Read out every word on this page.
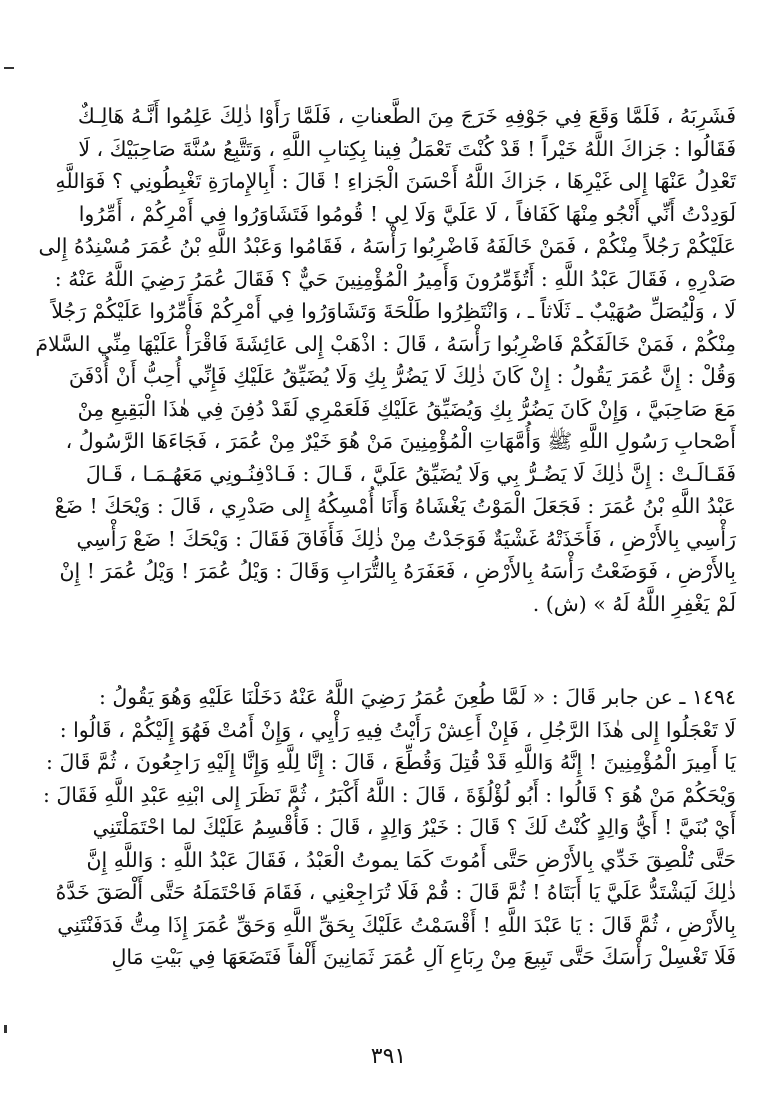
فَشَرِبَهُ ، فَلَمَّا وَقَعَ فِي جَوْفِهِ خَرَجَ مِنَ الطَّعناتِ ، فَلَمَّا رَأَوْا ذٰلِكَ عَلِمُوا أَنَّـهُ هَالِـكٌ
فَقَالُوا : جَزاكَ اللَّهُ خَيْراً ! قَدْ كُنْتَ تَعْمَلُ فِينا بِكِتابِ اللَّهِ ، وَتَتَّبِعُ سُنَّةَ صَاحِبَيْكَ ، لَا
تَعْدِلُ عَنْهَا إِلى غَيْرِهَا ، جَزاكَ اللَّهُ أَحْسَنَ الْجَزاءِ ! قَالَ : أَبِالإِمارَةِ تَغْبِطُونِي ؟ فَوَاللَّهِ
لَوَدِدْتُ أَنِّي أَنْجُو مِنْهَا كَفَافاً ، لَا عَلَيَّ وَلَا لِي ! قُومُوا فَتَشَاوَرُوا فِي أَمْرِكُمْ ، أَمِّرُوا
عَلَيْكُمْ رَجُلاً مِنْكُمْ ، فَمَنْ خَالَفَهُ فَاضْرِبُوا رَأْسَهُ ، فَقَامُوا وَعَبْدُ اللَّهِ بْنُ عُمَرَ مُسْنِدُهُ إِلى
صَدْرِهِ ، فَقَالَ عَبْدُ اللَّهِ : أَتُؤَمِّرُونَ وَأَمِيرُ الْمُؤْمِنِينَ حَيٌّ ؟ فَقَالَ عُمَرُ رَضِيَ اللَّهُ عَنْهُ :
لَا ، وَلْيُصَلِّ صُهَيْبٌ ـ ثَلَاثاً ـ ، وَانْتَظِرُوا طَلْحَةَ وَتَشَاوَرُوا فِي أَمْرِكُمْ فَأَمِّرُوا عَلَيْكُمْ رَجُلاً
مِنْكُمْ ، فَمَنْ خَالَفَكُمْ فَاضْرِبُوا رَأْسَهُ ، قَالَ : اذْهَبْ إِلى عَائِشَةَ فَاقْرَأْ عَلَيْهَا مِنِّي السَّلامَ
وَقُلْ : إِنَّ عُمَرَ يَقُولُ : إِنْ كَانَ ذٰلِكَ لَا يَضُرُّ بِكِ وَلَا يُضَيِّقُ عَلَيْكِ فَإِنِّي أُحِبُّ أَنْ أُدْفَنَ
مَعَ صَاحِبَيَّ ، وَإِنْ كَانَ يَضُرُّ بِكِ وَيُضَيِّقُ عَلَيْكِ فَلَعَمْرِي لَقَدْ دُفِنَ فِي هٰذَا الْبَقِيعِ مِنْ
أَصْحابِ رَسُولِ اللَّهِ ﷺ وَأُمَّهَاتِ الْمُؤْمِنِينَ مَنْ هُوَ خَيْرٌ مِنْ عُمَرَ ، فَجَاءَهَا الرَّسُولُ ،
فَقَـالَـتْ : إِنَّ ذٰلِكَ لَا يَضُـرُّ بِي وَلَا يُضَيِّقُ عَلَيَّ ، قَـالَ : فَـادْفِنُـونِي مَعَهُـمَـا ، قَـالَ
عَبْدُ اللَّهِ بْنُ عُمَرَ : فَجَعَلَ الْمَوْتُ يَغْشَاهُ وَأَنَا أُمْسِكُهُ إِلى صَدْرِي ، قَالَ : وَيْحَكَ ! ضَعْ
رَأْسِي بِالأَرْضِ ، فَأَخَذَتْهُ غَشْيَةٌ فَوَجَدْتُ مِنْ ذٰلِكَ فَأَفَاقَ فَقَالَ : وَيْحَكَ ! ضَعْ رَأْسِي
بِالأَرْضِ ، فَوَضَعْتُ رَأْسَهُ بِالأَرْضِ ، فَعَفَرَهُ بِالتُّرَابِ وَقَالَ : وَيْلُ عُمَرَ ! وَيْلُ عُمَرَ ! إِنْ
لَمْ يَغْفِرِ اللَّهُ لَهُ » (ش) .
١٤٩٤ ـ عن جابر قَالَ : « لَمَّا طُعِنَ عُمَرُ رَضِيَ اللَّهُ عَنْهُ دَخَلْنَا عَلَيْهِ وَهُوَ يَقُولُ :
لَا تَعْجَلُوا إِلى هٰذَا الرَّجُلِ ، فَإِنْ أَعِشْ رَأَيْتُ فِيهِ رَأْيِي ، وَإِنْ أَمُتْ فَهُوَ إِلَيْكُمْ ، قَالُوا :
يَا أَمِيرَ الْمُؤْمِنِينَ ! إِنَّهُ وَاللَّهِ قَدْ قُتِلَ وَقُطِّعَ ، قَالَ : إِنَّا لِلَّهِ وَإِنَّا إِلَيْهِ رَاجِعُونَ ، ثُمَّ قَالَ :
وَيْحَكُمْ مَنْ هُوَ ؟ قَالُوا : أَبُو لُؤْلُؤَةَ ، قَالَ : اللَّهُ أَكْبَرُ ، ثُمَّ نَظَرَ إِلى ابْنِهِ عَبْدِ اللَّهِ فَقَالَ :
أَيْ بُنَيَّ ! أَيُّ وَالِدٍ كُنْتُ لَكَ ؟ قَالَ : خَيْرُ وَالِدٍ ، قَالَ : فَأُقْسِمُ عَلَيْكَ لما احْتَمَلْتَنِي
حَتَّى تُلْصِقَ خَدِّي بِالأَرْضِ حَتَّى أَمُوتَ كَمَا يموتُ الْعَبْدُ ، فَقَالَ عَبْدُ اللَّهِ : وَاللَّهِ إِنَّ
ذٰلِكَ لَيَشْتَدُّ عَلَيَّ يَا أَبَتَاهُ ! ثُمَّ قَالَ : قُمْ فَلَا تُرَاجِعْنِي ، فَقَامَ فَاحْتَمَلَهُ حَتَّى أَلْصَقَ خَدَّهُ
بِالأَرْضِ ، ثُمَّ قَالَ : يَا عَبْدَ اللَّهِ ! أَقْسَمْتُ عَلَيْكَ بِحَقِّ اللَّهِ وَحَقِّ عُمَرَ إِذَا مِتُّ فَدَفَنْتَنِي
فَلَا تَغْسِلْ رَأْسَكَ حَتَّى تَبِيعَ مِنْ رِبَاعِ آلِ عُمَرَ ثَمَانِينَ أَلْفاً فَتَضَعَهَا فِي بَيْتِ مَالِ
٣٩١
